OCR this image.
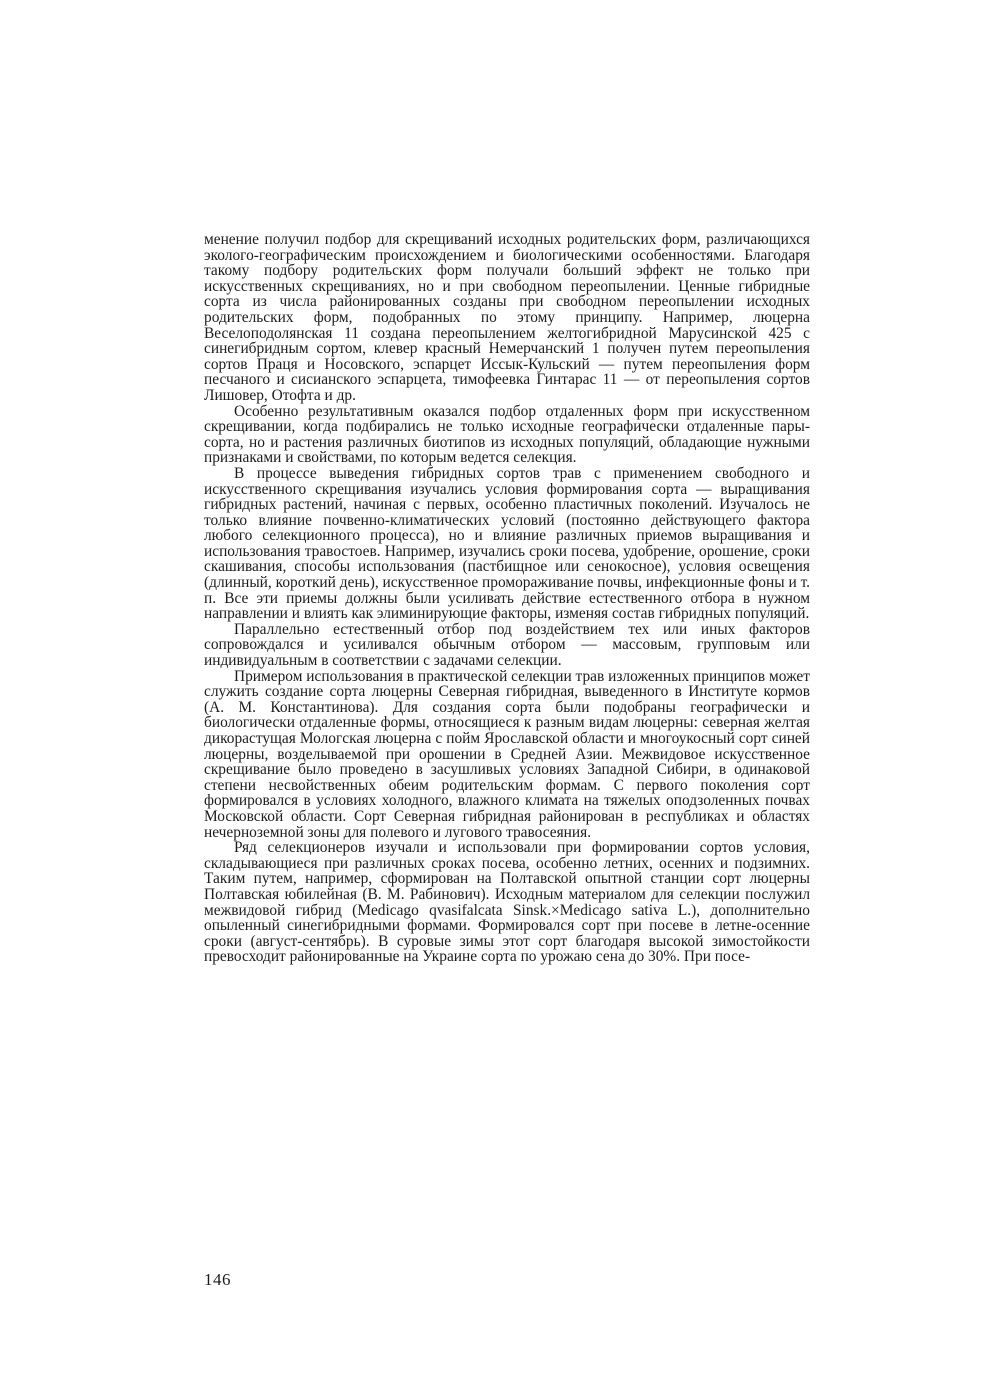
менение получил подбор для скрещиваний исходных родительских форм, различающихся эколого-географическим происхождением и биологическими особенностями. Благодаря такому подбору родительских форм получали больший эффект не только при искусственных скрещиваниях, но и при свободном переопылении. Ценные гибридные сорта из числа районированных созданы при свободном переопылении исходных родительских форм, подобранных по этому принципу. Например, люцерна Веселоподолянская 11 создана переопылением желтогибридной Марусинской 425 с синегибридным сортом, клевер красный Немерчанский 1 получен путем переопыления сортов Праця и Носовского, эспарцет Иссык-Кульский — путем переопыления форм песчаного и сисианского эспарцета, тимофеевка Гинтарас 11 — от переопыления сортов Лишовер, Отофта и др.

Особенно результативным оказался подбор отдаленных форм при искусственном скрещивании, когда подбирались не только исходные географически отдаленные пары-сорта, но и растения различных биотипов из исходных популяций, обладающие нужными признаками и свойствами, по которым ведется селекция.

В процессе выведения гибридных сортов трав с применением свободного и искусственного скрещивания изучались условия формирования сорта — выращивания гибридных растений, начиная с первых, особенно пластичных поколений. Изучалось не только влияние почвенно-климатических условий (постоянно действующего фактора любого селекционного процесса), но и влияние различных приемов выращивания и использования травостоев. Например, изучались сроки посева, удобрение, орошение, сроки скашивания, способы использования (пастбищное или сенокосное), условия освещения (длинный, короткий день), искусственное промораживание почвы, инфекционные фоны и т. п. Все эти приемы должны были усиливать действие естественного отбора в нужном направлении и влиять как элиминирующие факторы, изменяя состав гибридных популяций.

Параллельно естественный отбор под воздействием тех или иных факторов сопровождался и усиливался обычным отбором — массовым, групповым или индивидуальным в соответствии с задачами селекции.

Примером использования в практической селекции трав изложенных принципов может служить создание сорта люцерны Северная гибридная, выведенного в Институте кормов (А. М. Константинова). Для создания сорта были подобраны географически и биологически отдаленные формы, относящиеся к разным видам люцерны: северная желтая дикорастущая Мологская люцерна с пойм Ярославской области и многоукосный сорт синей люцерны, возделываемой при орошении в Средней Азии. Межвидовое искусственное скрещивание было проведено в засушливых условиях Западной Сибири, в одинаковой степени несвойственных обеим родительским формам. С первого поколения сорт формировался в условиях холодного, влажного климата на тяжелых оподзоленных почвах Московской области. Сорт Северная гибридная районирован в республиках и областях нечерноземной зоны для полевого и лугового травосеяния.

Ряд селекционеров изучали и использовали при формировании сортов условия, складывающиеся при различных сроках посева, особенно летних, осенних и подзимних. Таким путем, например, сформирован на Полтавской опытной станции сорт люцерны Полтавская юбилейная (В. М. Рабинович). Исходным материалом для селекции послужил межвидовой гибрид (Medicago qvasifalcata Sinsk.×Medicago sativa L.), дополнительно опыленный синегибридными формами. Формировался сорт при посеве в летне-осенние сроки (август-сентябрь). В суровые зимы этот сорт благодаря высокой зимостойкости превосходит районированные на Украине сорта по урожаю сена до 30%. При посе-

146
